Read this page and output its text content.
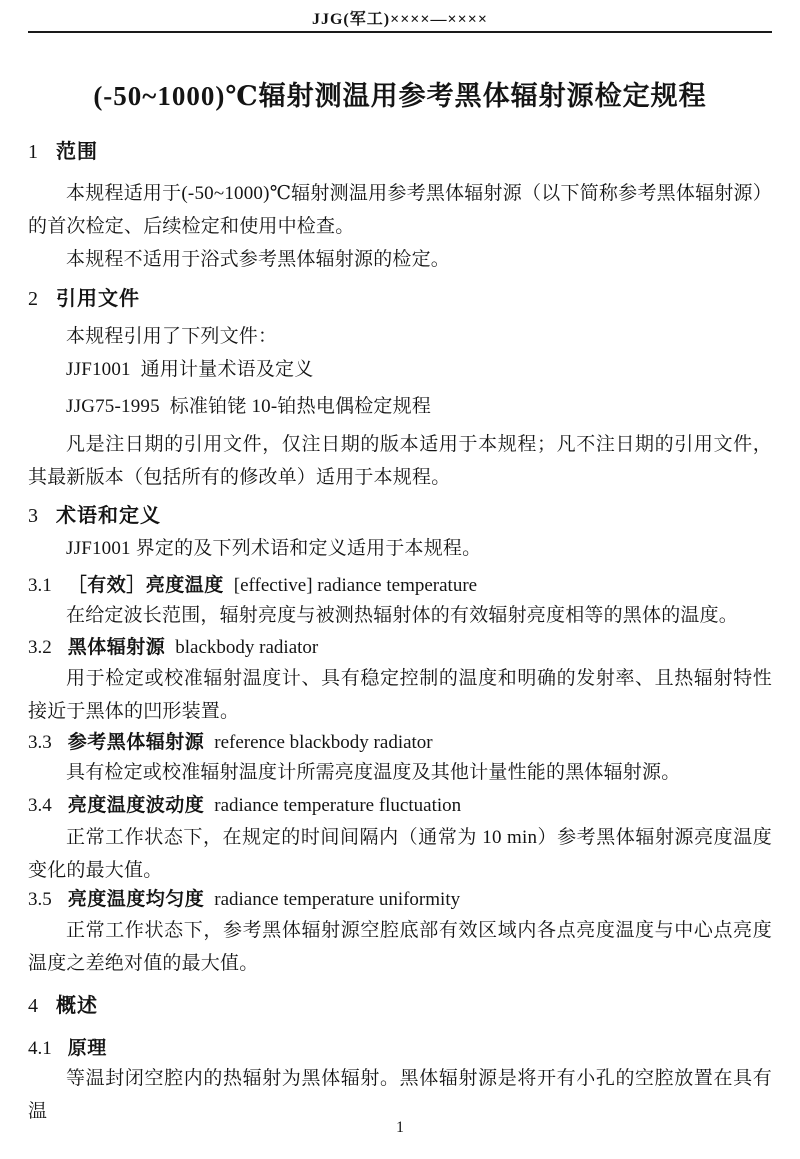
JJG(军工)××××—××××
(-50~1000)℃辐射测温用参考黑体辐射源检定规程
1 范围

本规程适用于(-50~1000)℃辐射测温用参考黑体辐射源（以下简称参考黑体辐射源）的首次检定、后续检定和使用中检查。

本规程不适用于浴式参考黑体辐射源的检定。

2 引用文件

本规程引用了下列文件：

JJF1001  通用计量术语及定义

JJG75-1995  标准铂铑 10-铂热电偶检定规程

凡是注日期的引用文件，仅注日期的版本适用于本规程；凡不注日期的引用文件，其最新版本（包括所有的修改单）适用于本规程。

3 术语和定义

JJF1001 界定的及下列术语和定义适用于本规程。

3.1 ［有效］亮度温度 [effective] radiance temperature

在给定波长范围，辐射亮度与被测热辐射体的有效辐射亮度相等的黑体的温度。

3.2 黑体辐射源 blackbody radiator

用于检定或校准辐射温度计、具有稳定控制的温度和明确的发射率、且热辐射特性接近于黑体的凹形装置。

3.3 参考黑体辐射源 reference blackbody radiator

具有检定或校准辐射温度计所需亮度温度及其他计量性能的黑体辐射源。

3.4 亮度温度波动度 radiance temperature fluctuation

正常工作状态下，在规定的时间间隔内（通常为 10 min）参考黑体辐射源亮度温度变化的最大值。

3.5 亮度温度均匀度 radiance temperature uniformity

正常工作状态下，参考黑体辐射源空腔底部有效区域内各点亮度温度与中心点亮度温度之差绝对值的最大值。

4 概述
4.1 原理

等温封闭空腔内的热辐射为黑体辐射。黑体辐射源是将开有小孔的空腔放置在具有温

1
